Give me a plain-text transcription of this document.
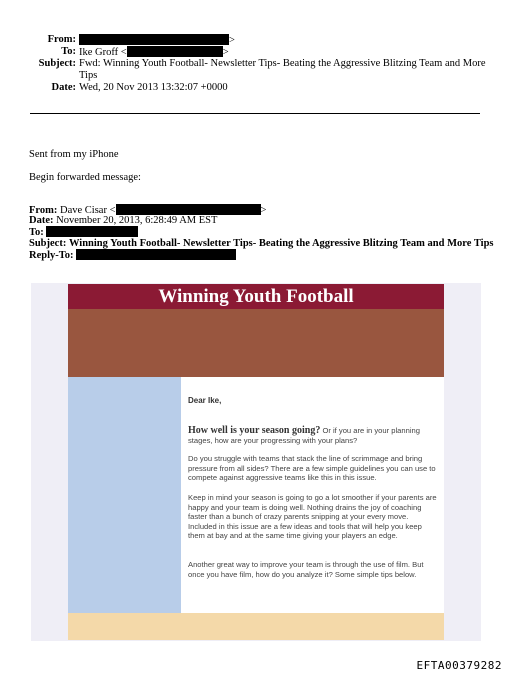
From:	>
To: Ike Groff <	>
Subject: Fwd: Winning Youth Football- Newsletter Tips- Beating the Aggressive Blitzing Team and More
Tips
Date: Wed, 20 Nov 2013 13:32:07 +0000
Sent from my iPhone
Begin forwarded message:
From: Dave Cisar <	>
Date: November 20, 2013, 6:28:49 AM EST
To:
Subject: Winning Youth Football- Newsletter Tips- Beating the Aggressive Blitzing Team and More Tips
Reply-To:
Winning Youth Football

Dear Ike,

How well is your season going? Or if you are in your planning stages, how are your progressing with your plans?

Do you struggle with teams that stack the line of scrimmage and bring pressure from all sides? There are a few simple guidelines you can use to compete against aggressive teams like this in this issue.

Keep in mind your season is going to go a lot smoother if your parents are happy and your team is doing well. Nothing drains the joy of coaching faster than a bunch of crazy parents snipping at your every move. Included in this issue are a few ideas and tools that will help you keep them at bay and at the same time giving your players an edge.

Another great way to improve your team is through the use of film. But once you have film, how do you analyze it? Some simple tips below.

EFTA00379282
